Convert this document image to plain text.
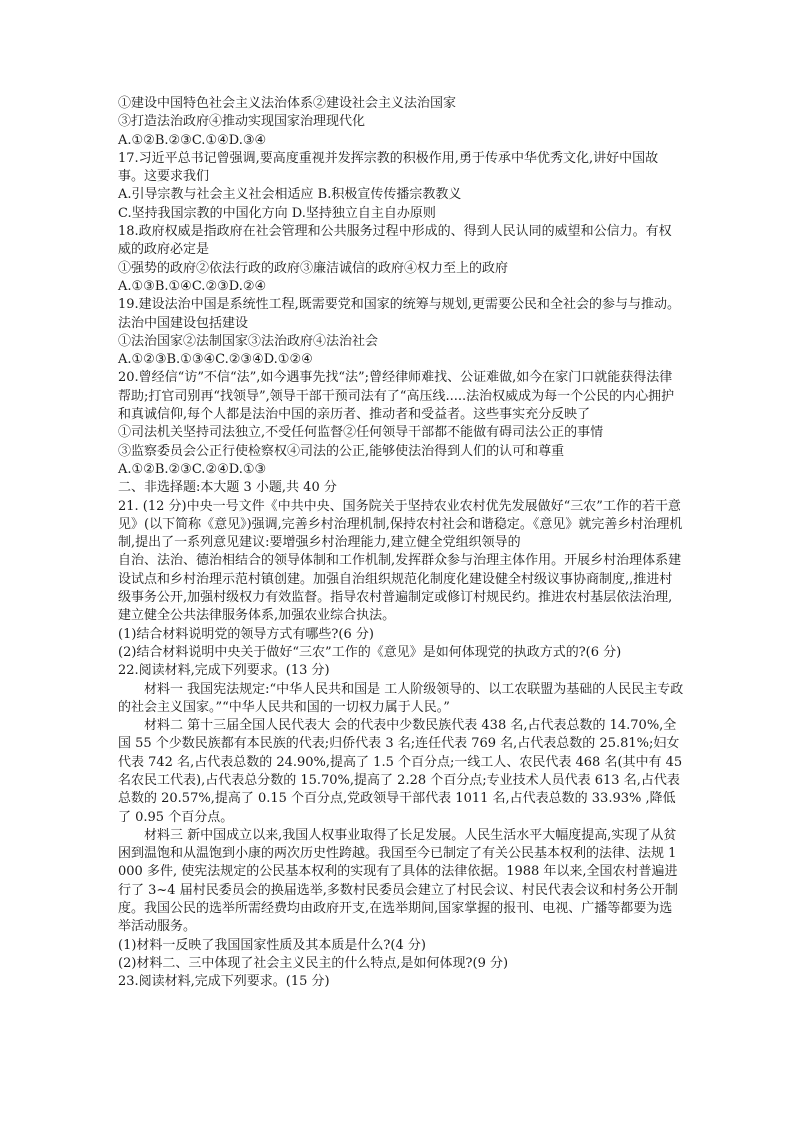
①建设中国特色社会主义法治体系②建设社会主义法治国家

③打造法治政府④推动实现国家治理现代化

A.①②B.②③C.①④D.③④

17.习近平总书记曾强调,要高度重视并发挥宗教的积极作用,勇于传承中华优秀文化,讲好中国故事。这要求我们

A.引导宗教与社会主义社会相适应 B.积极宣传传播宗教教义

C.坚持我国宗教的中国化方向 D.坚持独立自主自办原则

18.政府权威是指政府在社会管理和公共服务过程中形成的、得到人民认同的威望和公信力。有权威的政府必定是

①强势的政府②依法行政的政府③廉洁诚信的政府④权力至上的政府

A.①③B.①④C.②③D.②④

19.建设法治中国是系统性工程,既需要党和国家的统筹与规划,更需要公民和全社会的参与与推动。法治中国建设包括建设

①法治国家②法制国家③法治政府④法治社会

A.①②③B.①③④C.②③④D.①②④

20.曾经信“访”不信“法”,如今遇事先找“法”;曾经律师难找、公证难做,如今在家门口就能获得法律帮助;打官司别再“找领导”,领导干部干预司法有了“高压线.....法治权威成为每一个公民的内心拥护和真诚信仰,每个人都是法治中国的亲历者、推动者和受益者。这些事实充分反映了

①司法机关坚持司法独立,不受任何监督②任何领导干部都不能做有碍司法公正的事情

③监察委员会公正行使检察权④司法的公正,能够使法治得到人们的认可和尊重

A.①②B.②③C.②④D.①③

二、非选择题:本大题 3 小题,共 40 分

21. (12 分)中央一号文件《中共中央、国务院关于坚持农业农村优先发展做好“三农”工作的若干意见》(以下简称《意见》)强调,完善乡村治理机制,保持农村社会和谐稳定。《意见》就完善乡村治理机制,提出了一系列意见建议:要增强乡村治理能力,建立健全党组织领导的

自治、法治、德治相结合的领导体制和工作机制,发挥群众参与治理主体作用。开展乡村治理体系建设试点和乡村治理示范村镇创建。加强自治组织规范化制度化建设健全村级议事协商制度,,推进村级事务公开,加强村级权力有效监督。指导农村普遍制定或修订村规民约。推进农村基层依法治理,建立健全公共法律服务体系,加强农业综合执法。

(1)结合材料说明党的领导方式有哪些?(6 分)

(2)结合材料说明中央关于做好“三农”工作的《意见》是如何体现党的执政方式的?(6 分)

22.阅读材料,完成下列要求。(13 分)

材料一 我国宪法规定:“中华人民共和国是 工人阶级领导的、以工农联盟为基础的人民民主专政的社会主义国家。”“中华人民共和国的一切权力属于人民。”

材料二 第十三届全国人民代表大 会的代表中少数民族代表 438 名,占代表总数的 14.70%,全国 55 个少数民族都有本民族的代表;归侨代表 3 名;连任代表 769 名,占代表总数的 25.81%;妇女代表 742 名,占代表总数的 24.90%,提高了 1.5 个百分点;一线工人、农民代表 468 名(其中有 45 名农民工代表),占代表总分数的 15.70%,提高了 2.28 个百分点;专业技术人员代表 613 名,占代表总数的 20.57%,提高了 0.15 个百分点,党政领导干部代表 1011 名,占代表总数的 33.93% ,降低了 0.95 个百分点。

材料三 新中国成立以来,我国人权事业取得了长足发展。人民生活水平大幅度提高,实现了从贫困到温饱和从温饱到小康的两次历史性跨越。我国至今已制定了有关公民基本权利的法律、法规 1000 多件, 使宪法规定的公民基本权利的实现有了具体的法律依据。1988 年以来,全国农村普遍进行了 3~4 届村民委员会的换届选举,多数村民委员会建立了村民会议、村民代表会议和村务公开制度。我国公民的选举所需经费均由政府开支,在选举期间,国家掌握的报刊、电视、广播等都要为选举活动服务。

(1)材料一反映了我国国家性质及其本质是什么?(4 分)

(2)材料二、三中体现了社会主义民主的什么特点,是如何体现?(9 分)

23.阅读材料,完成下列要求。(15 分)
